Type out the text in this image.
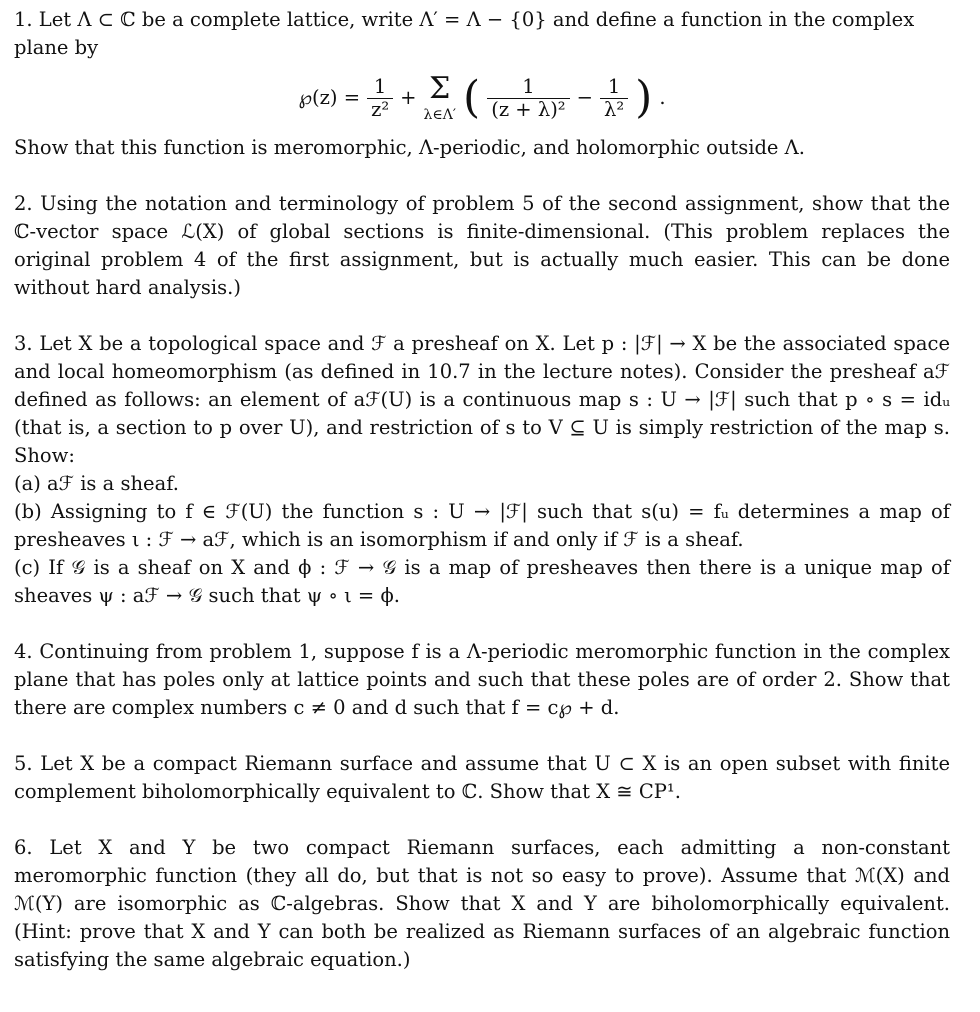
1. Let Λ ⊂ ℂ be a complete lattice, write Λ′ = Λ − {0} and define a function in the complex

plane by

℘(z) = $\frac{1}{\text{z²}} + \Sigma$
λ∈Λ′ ( $\frac{1}{\text{(z + λ)²}} - \frac{1}{\text{λ²}}$ ) .

Show that this function is meromorphic, Λ-periodic, and holomorphic outside Λ.

2. Using the notation and terminology of problem 5 of the second assignment, show that the ℂ-vector space ℒ(X) of global sections is finite-dimensional. (This problem replaces the original problem 4 of the first assignment, but is actually much easier. This can be done without hard analysis.)

3. Let X be a topological space and ℱ a presheaf on X. Let p : |ℱ| → X be the associated space and local homeomorphism (as defined in 10.7 in the lecture notes). Consider the presheaf aℱ defined as follows: an element of aℱ(U) is a continuous map s : U → |ℱ| such that p ∘ s = idᵤ (that is, a section to p over U), and restriction of s to V ⊆ U is simply restriction of the map s. Show:

(a) aℱ is a sheaf.

(b) Assigning to f ∈ ℱ(U) the function s : U → |ℱ| such that s(u) = fᵤ determines a map of presheaves ι : ℱ → aℱ, which is an isomorphism if and only if ℱ is a sheaf.

(c) If 𝒢 is a sheaf on X and ϕ : ℱ → 𝒢 is a map of presheaves then there is a unique map of sheaves ψ : aℱ → 𝒢 such that ψ ∘ ι = ϕ.

4. Continuing from problem 1, suppose f is a Λ-periodic meromorphic function in the complex plane that has poles only at lattice points and such that these poles are of order 2. Show that there are complex numbers c ≠ 0 and d such that f = c℘ + d.

5. Let X be a compact Riemann surface and assume that U ⊂ X is an open subset with finite complement biholomorphically equivalent to ℂ. Show that X ≅ CP¹.

6. Let X and Y be two compact Riemann surfaces, each admitting a non-constant meromorphic function (they all do, but that is not so easy to prove). Assume that ℳ(X) and ℳ(Y) are isomorphic as ℂ-algebras. Show that X and Y are biholomorphically equivalent. (Hint: prove that X and Y can both be realized as Riemann surfaces of an algebraic function satisfying the same algebraic equation.)
